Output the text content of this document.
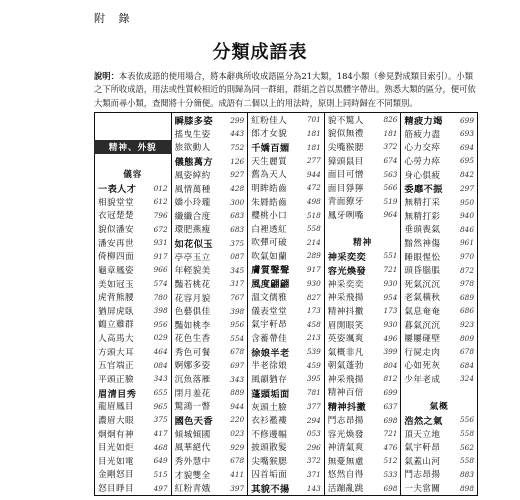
附 錄
分類成語表
說明：本表依成語的使用場合，將本辭典所收成語區分為21大類，184小類（參見對成類目索引）。小類之下所收成語，用法或性質較相近的則歸為同一群組，群組之首以黑體字帶出。熟悉大類的區分，便可依大類而尋小類，查閱將十分簡便。成語有二個以上的用法時，原則上同時歸在不同類別。
精神、外貌
儀容
一表人才 012
相貌堂堂	612
衣冠楚楚	796
貌似潘安	672
潘安再世	931
倚柳四面	917
龜章鳳姿	966
美如冠玉	574
虎背熊腰	780
猶屏虎臥	398
鶴立雞群	956
人高馬大	029
方頭大耳	464
五官端正	084
平頭正臉	343
眉清目秀 655
龍眉鳳目	965
濃眉大眼	375
炯炯有神	417
目光如炬	468
目光如電	649
金剛怒目	515
怒目睜目	497
瞬膝多姿 299
搖曳生姿	443
旅欲動人	752
儀態萬方 126
風姿綽約	927
風情萬種	428
嬌小玲瓏	300
纖纖合度	683
環肥燕瘦	683
如花似玉 375
亭亭玉立	087
年輕貌美	345
豔若桃花	317
花容月貌	767
色藝俱佳	398
豔如桃李	956
花色生香	554
秀色可餐	678
婀娜多姿	697
沉魚落雁	343
閉月羞花	889
驚鴻一瞥	944
國色天香 220
傾城傾國	023
風華絕代	929
秀外慧中	678
才貌雙全	411
紅粉青娥	397
紅粉佳人	701
郎才女貌	181
千嬌百媚 181
天生麗質	277
舊為天人	944
明眸皓齒	472
朱脣皓齒	498
櫻桃小口	518
白裡透紅	558
吹彈可破	214
吹氣如蘭	289
膚質聲聲 917
風度翩翩 930
溫文儒雅	827
儀表堂堂	173
氣宇軒昂	458
含蓄帶佳	213
徐娘半老 539
半老徐娘	459
風韻猶存	395
蓬頭垢面 781
灰頭土臉	377
衣衫襤褸	294
不修邊幅	053
披頭散髮	296
尖嘴猴腮	372
囚首垢面	371
其貌不揚 143
貌不驚人	826
貌似無禮	181
尖嘴猴腮	372
獐頭鼠目	674
面目可憎	563
面目猙獰	566
青面獠牙	519
鳳牙咧嘴	964
精神
神采奕奕 551
容光煥發 721
神采奕奕	930
神采飛揚	954
精神抖擻	173
眉開眼笑	930
英姿颯爽	496
氣概非凡	399
朝氣蓬勃	804
神采飛揚	812
精神百倍	699
精神抖擻 637
鬥志昂揚	698
容光煥發	721
神清氣爽	476
無憂無慮	512
悠然自得	533
活蹦亂跳	698
精疲力竭 699
筋疲力盡	693
心力交瘁	694
心勞力瘁	695
身心俱疲	842
委靡不振 297
無精打采	950
無精打彩	940
垂頭喪氣	846
黯然神傷	961
睡眼惺忪	970
頭昏腦脹	872
死氣沉沉	978
老氣橫秋	689
氣息奄奄	686
暮氣沉沉	923
屢屢碰壁	809
行屍走肉	678
心如死灰	684
少年老成	324
氣概
浩然之氣 556
頂天立地	558
氣宇軒昂	562
氣蓋山河	558
鬥志昂揚	883
一夫當關	898
